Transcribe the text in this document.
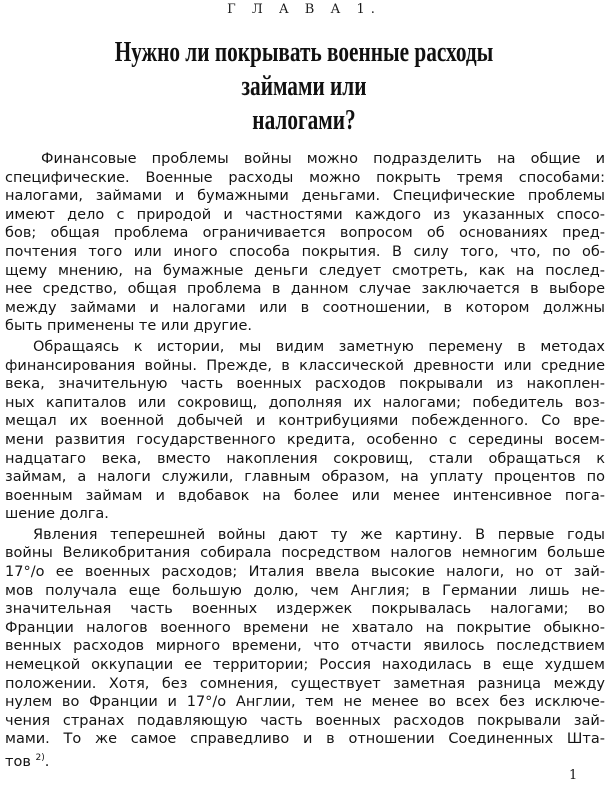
Г Л А В А 1.
Нужно ли покрывать военные расходы займами или
налогами?
Финансовые проблемы войны можно подразделить на общие и
специфические. Военные расходы можно покрыть тремя способами:
налогами, займами и бумажными деньгами. Специфические проблемы
имеют дело с природой и частностями каждого из указанных спосо-
бов; общая проблема ограничивается вопросом об основаниях пред-
почтения того или иного способа покрытия. В силу того, что, по об-
щему мнению, на бумажные деньги следует смотреть, как на послед-
нее средство, общая проблема в данном случае заключается в выборе
между займами и налогами или в соотношении, в котором должны
быть применены те или другие.
Обращаясь к истории, мы видим заметную перемену в методах
финансирования войны. Прежде, в классической древности или средние
века, значительную часть военных расходов покрывали из накоплен-
ных капиталов или сокровищ, дополняя их налогами; победитель воз-
мещал их военной добычей и контрибуциями побежденного. Со вре-
мени развития государственного кредита, особенно с середины восем-
надцатаго века, вместо накопления сокровищ, стали обращаться к
займам, а налоги служили, главным образом, на уплату процентов по
военным займам и вдобавок на более или менее интенсивное пога-
шение долга.
Явления теперешней войны дают ту же картину. В первые годы
войны Великобритания собирала посредством налогов немногим больше
17°/о ее военных расходов; Италия ввела высокие налоги, но от зай-
мов получала еще большую долю, чем Англия; в Германии лишь не-
значительная часть военных издержек покрывалась налогами; во
Франции налогов военного времени не хватало на покрытие обыкно-
венных расходов мирного времени, что отчасти явилось последствием
немецкой оккупации ее территории; Россия находилась в еще худшем
положении. Хотя, без сомнения, существует заметная разница между
нулем во Франции и 17°/о Англии, тем не менее во всех без исключе-
чения странах подавляющую часть военных расходов покрывали зай-
мами. То же самое справедливо и в отношении Соединенных Шта-
тов $^{2)}$.
1
